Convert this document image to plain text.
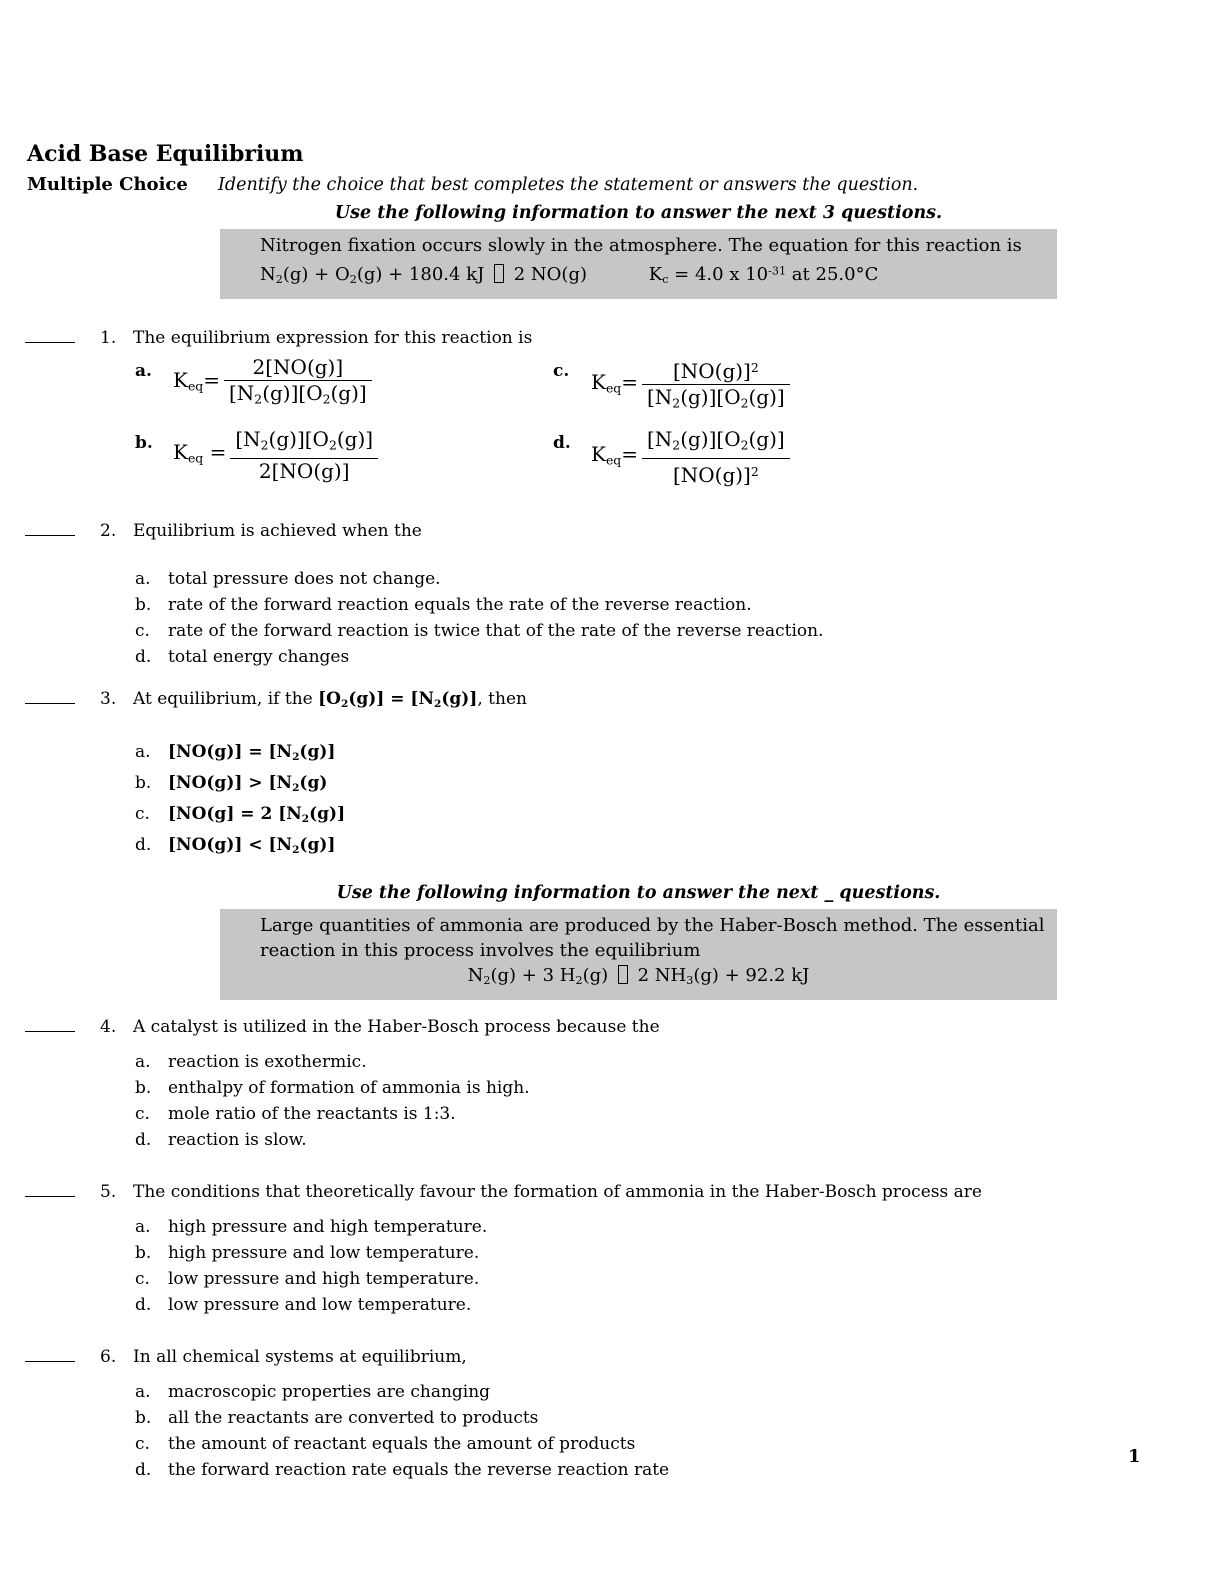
Acid Base Equilibrium
Multiple Choice	Identify the choice that best completes the statement or answers the question.
Use the following information to answer the next 3 questions.
Nitrogen fixation occurs slowly in the atmosphere. The equation for this reaction is
$N_2(g) + O_2(g) + 180.4$ kJ  2 NO(g)	$K_c = 4.0$ x $10^{-31}$ at 25.0°C
1. The equilibrium expression for this reaction is
a.	$K_{eq}= \frac{2[NO(g)]}{[N_2(g)][O_2(g)]}$	c.	$K_{eq}= \frac{[NO(g)]^2}{[N_2(g)][O_2(g)]}$
b.	$K_{eq} = \frac{[N_2(g)][O_2(g)]}{2[NO(g)]}$	d.	$K_{eq}= \frac{[N_2(g)][O_2(g)]}{[NO(g)]^2}$
2. Equilibrium is achieved when the
a.	total pressure does not change.
b. rate of the forward reaction equals the rate of the reverse reaction.
c.	rate of the forward reaction is twice that of the rate of the reverse reaction.
d. total energy changes
3. At equilibrium, if the $[O_2(g)] = [N_2(g)]$, then
a.	$[NO(g)] = [N_2(g)]$
b. $[NO(g)] > [N_2(g)$
c.	[NO(g] = 2 $[N_2(g)]$
d. $[NO(g)] < [N_2(g)]$
Use the following information to answer the next _ questions.
Large quantities of ammonia are produced by the Haber-Bosch method. The essential
reaction in this process involves the equilibrium
$N_2(g) + 3$ $H_2(g)$  2 $NH_3(g) + 92.2$ kJ
4. A catalyst is utilized in the Haber-Bosch process because the
a.	reaction is exothermic.
b. enthalpy of formation of ammonia is high.
c.	mole ratio of the reactants is 1:3.
d. reaction is slow.
5. The conditions that theoretically favour the formation of ammonia in the Haber-Bosch process are
a.	high pressure and high temperature.
b. high pressure and low temperature.
c.	low pressure and high temperature.
d. low pressure and low temperature.
6. In all chemical systems at equilibrium,
a.	macroscopic properties are changing
b. all the reactants are converted to products
c.	the amount of reactant equals the amount of products
d. the forward reaction rate equals the reverse reaction rate
1
